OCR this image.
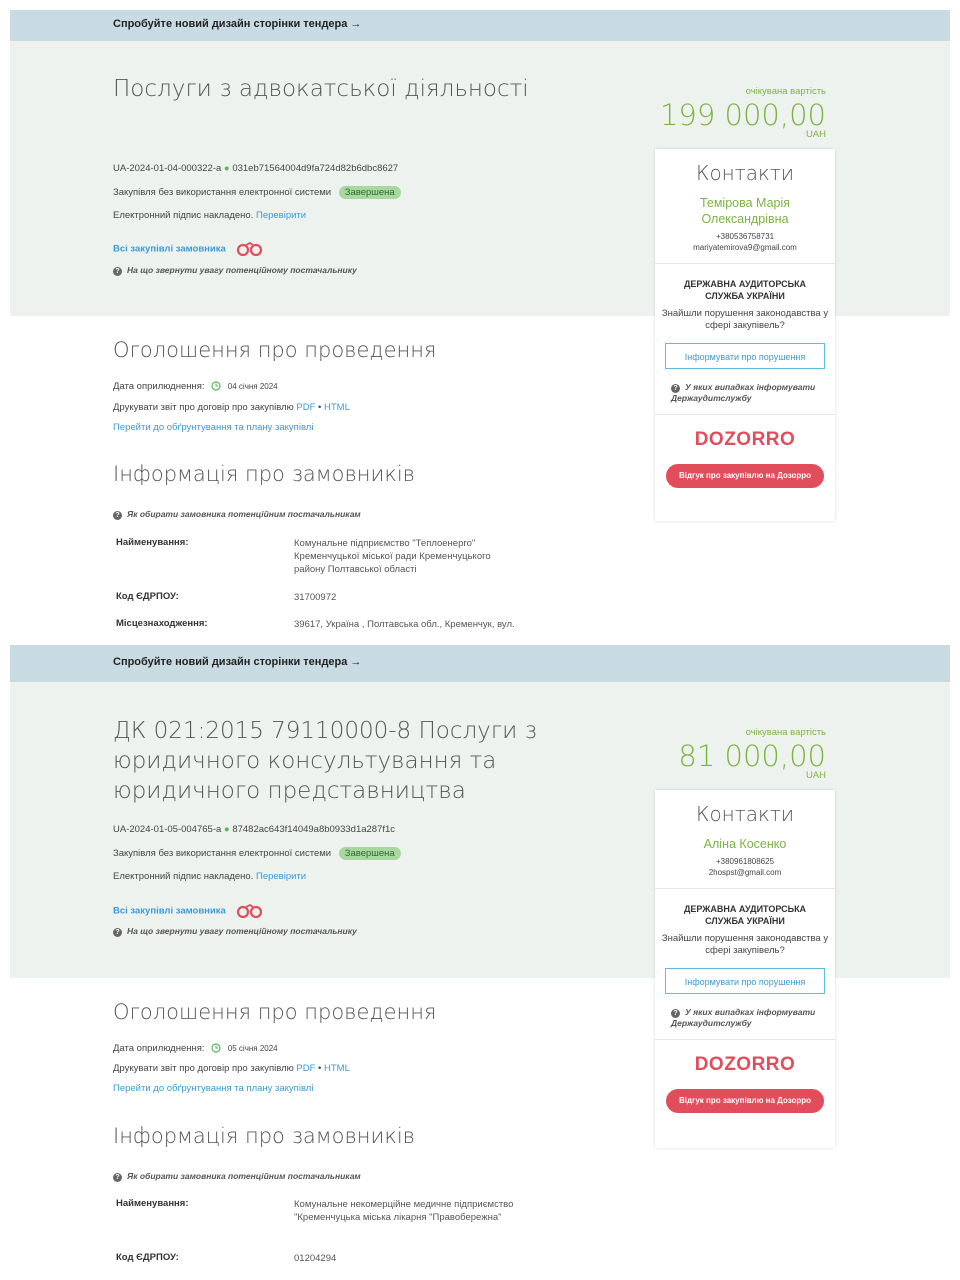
Спробуйте новий дизайн сторінки тендера →
Послуги з адвокатської діяльності
UA-2024-01-04-000322-a ● 031eb71564004d9fa724d82b6dbc8627
Закупівля без використання електронної системи Завершена
Електронний підпис накладено. Перевірити
Всі закупівлі замовника
? На що звернути увагу потенційному постачальнику
очікувана вартість
199 000,00
UAH
Оголошення про проведення
Дата оприлюднення:	04 січня 2024
Друкувати звіт про договір про закупівлю PDF • HTML
Перейти до обґрунтування та плану закупівлі
Інформація про замовників
? Як обирати замовника потенційним постачальникам
Найменування:	Комунальне підприємство "Теплоенерго" Кременчуцької міської ради Кременчуцького району Полтавської області
Код ЄДРПОУ:	31700972
Місцезнаходження:	39617, Україна , Полтавська обл., Кременчук, вул.
Контакти
Темірова Марія Олександрівна
+380536758731
mariyatemirova9@gmail.com
ДЕРЖАВНА АУДИТОРСЬКА СЛУЖБА УКРАЇНИ
Знайшли порушення законодавства у сфері закупівель?
Інформувати про порушення
? У яких випадках інформувати Держаудитслужбу
DOZORRO
Відгук про закупівлю на Дозорро
Спробуйте новий дизайн сторінки тендера →
ДК 021:2015 79110000-8 Послуги з
юридичного консультування та
юридичного представництва
UA-2024-01-05-004765-a ● 87482ac643f14049a8b0933d1a287f1c
Закупівля без використання електронної системи Завершена
Електронний підпис накладено. Перевірити
Всі закупівлі замовника
? На що звернути увагу потенційному постачальнику
очікувана вартість
81 000,00
UAH
Оголошення про проведення
Дата оприлюднення:	05 січня 2024
Друкувати звіт про договір про закупівлю PDF • HTML
Перейти до обґрунтування та плану закупівлі
Інформація про замовників
? Як обирати замовника потенційним постачальникам
Найменування:	Комунальне некомерційне медичне підприємство "Кременчуцька міська лікарня "Правобережна"
Код ЄДРПОУ:	01204294
Контакти
Аліна Косенко
+380961808625
2hospst@gmail.com
ДЕРЖАВНА АУДИТОРСЬКА СЛУЖБА УКРАЇНИ
Знайшли порушення законодавства у сфері закупівель?
Інформувати про порушення
? У яких випадках інформувати Держаудитслужбу
DOZORRO
Відгук про закупівлю на Дозорро
